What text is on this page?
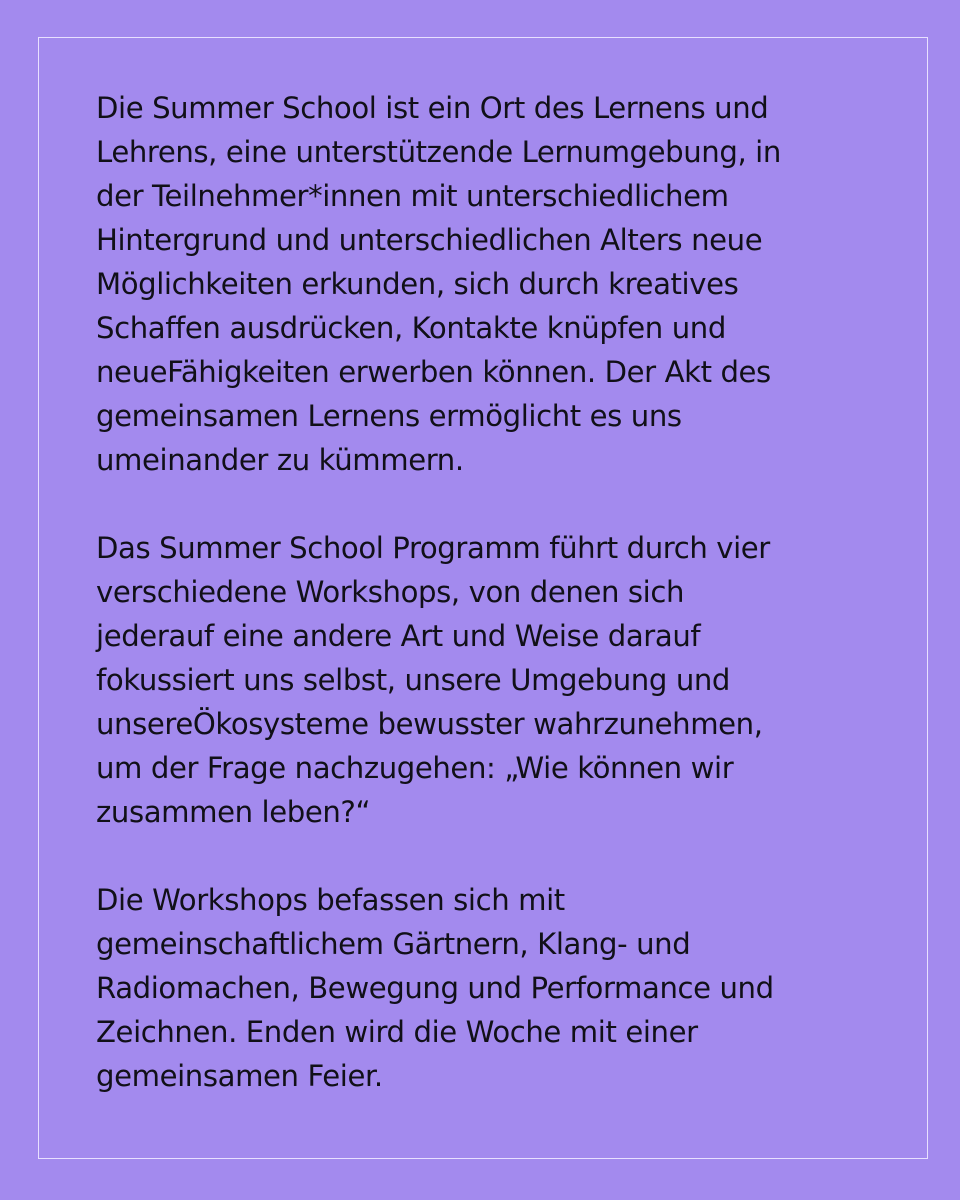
Die Summer School ist ein Ort des Lernens und
Lehrens, eine unterstützende Lernumgebung, in
der Teilnehmer*innen mit unterschiedlichem
Hintergrund und unterschiedlichen Alters neue
Möglichkeiten erkunden, sich durch kreatives
Schaffen ausdrücken, Kontakte knüpfen und
neueFähigkeiten erwerben können. Der Akt des
gemeinsamen Lernens ermöglicht es uns
umeinander zu kümmern.

Das Summer School Programm führt durch vier
verschiedene Workshops, von denen sich
jederauf eine andere Art und Weise darauf
fokussiert uns selbst, unsere Umgebung und
unsereÖkosysteme bewusster wahrzunehmen,
um der Frage nachzugehen: „Wie können wir
zusammen leben?“

Die Workshops befassen sich mit
gemeinschaftlichem Gärtnern, Klang- und
Radiomachen, Bewegung und Performance und
Zeichnen. Enden wird die Woche mit einer
gemeinsamen Feier.
